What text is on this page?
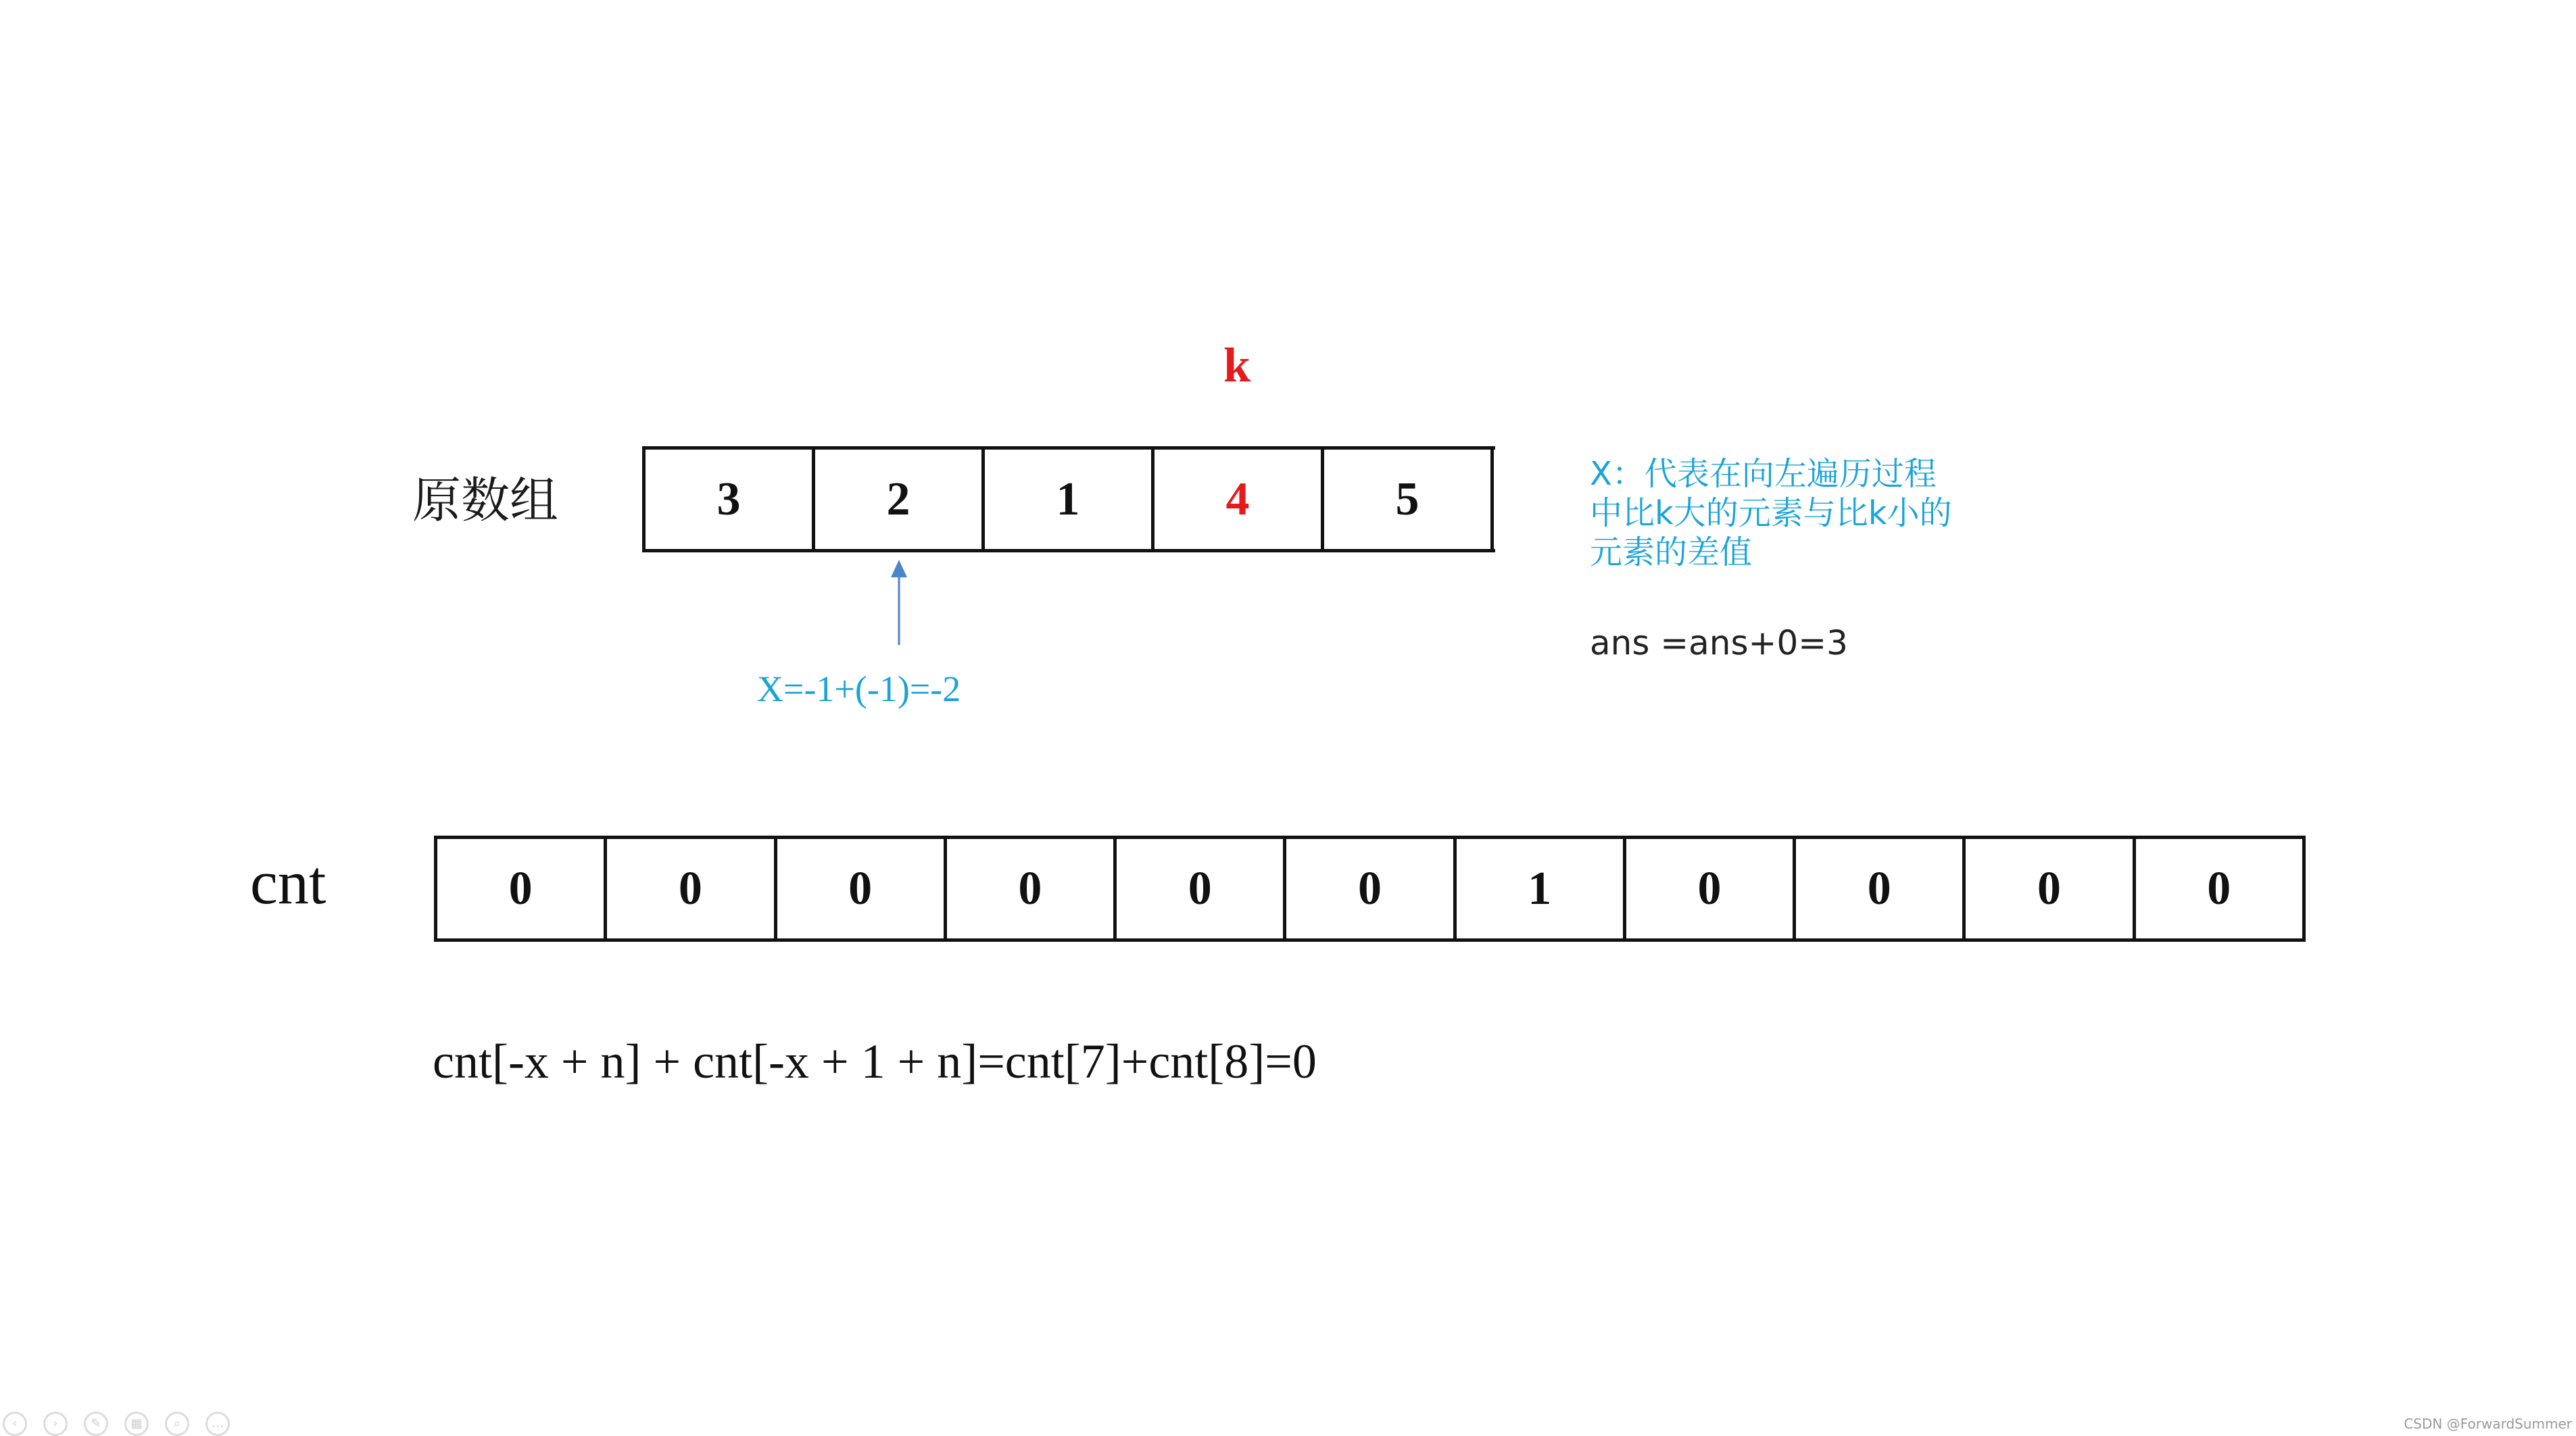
k
原数组	3	2	1	4	5
X=-1+(-1)=-2
X：代表在向左遍历过程
中比k大的元素与比k小的
元素的差值
ans =ans+0=3
cnt	0	0	0	0	0	0	1	0	0	0	0
cnt[-x + n] + cnt[-x + 1 + n]=cnt[7]+cnt[8]=0
‹	›	✎	▦	⌕	…	CSDN @ForwardSummer
